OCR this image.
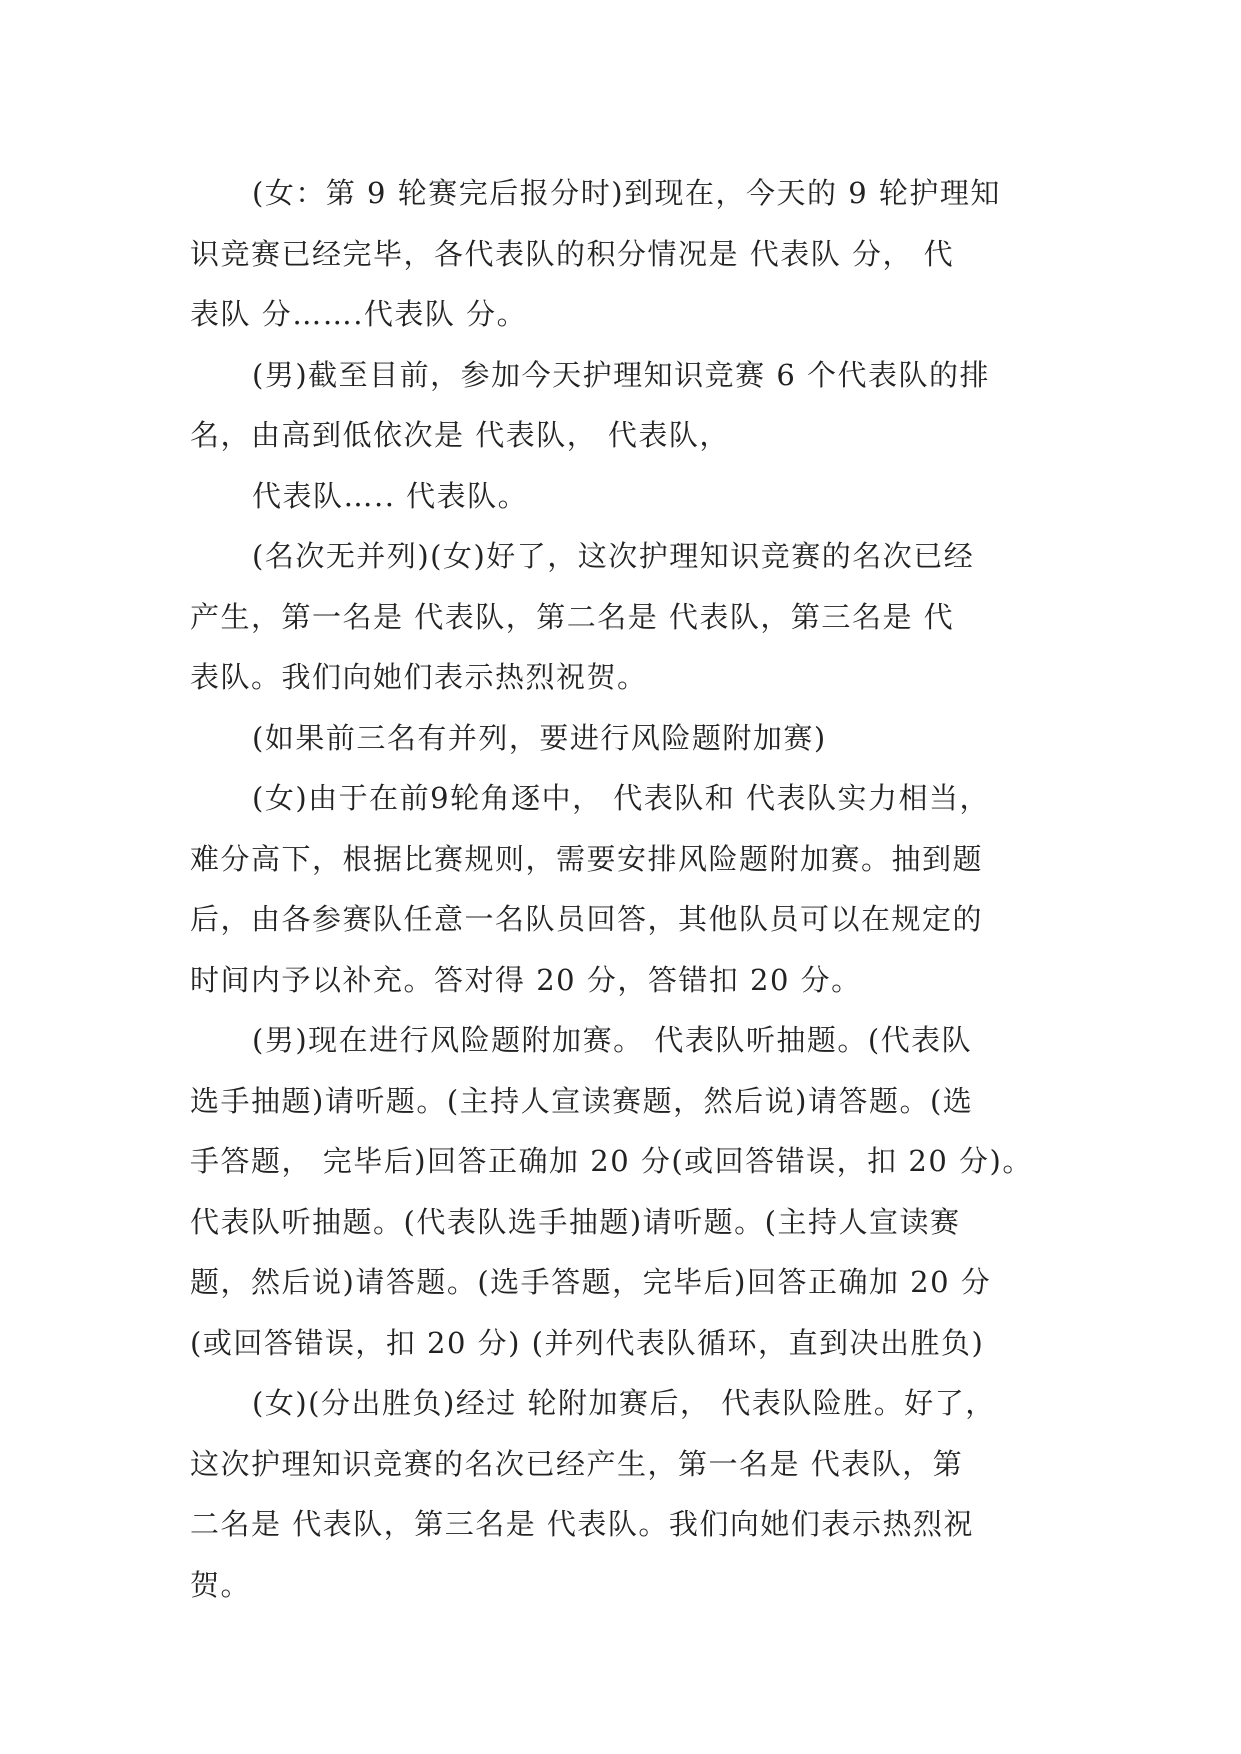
(女：第 9 轮赛完后报分时)到现在，今天的 9 轮护理知
识竞赛已经完毕，各代表队的积分情况是 代表队 分， 代
表队 分…….代表队 分。
(男)截至目前，参加今天护理知识竞赛 6 个代表队的排
名，由高到低依次是 代表队， 代表队，
代表队….. 代表队。
(名次无并列)(女)好了，这次护理知识竞赛的名次已经
产生，第一名是 代表队，第二名是 代表队，第三名是 代
表队。我们向她们表示热烈祝贺。
(如果前三名有并列，要进行风险题附加赛)
(女)由于在前9轮角逐中， 代表队和 代表队实力相当，
难分高下，根据比赛规则，需要安排风险题附加赛。抽到题
后，由各参赛队任意一名队员回答，其他队员可以在规定的
时间内予以补充。答对得 20 分，答错扣 20 分。
(男)现在进行风险题附加赛。 代表队听抽题。(代表队
选手抽题)请听题。(主持人宣读赛题，然后说)请答题。(选
手答题， 完毕后)回答正确加 20 分(或回答错误，扣 20 分)。
代表队听抽题。(代表队选手抽题)请听题。(主持人宣读赛
题，然后说)请答题。(选手答题，完毕后)回答正确加 20 分
(或回答错误，扣 20 分) (并列代表队循环，直到决出胜负)
(女)(分出胜负)经过 轮附加赛后， 代表队险胜。好了，
这次护理知识竞赛的名次已经产生，第一名是 代表队，第
二名是 代表队，第三名是 代表队。我们向她们表示热烈祝
贺。
